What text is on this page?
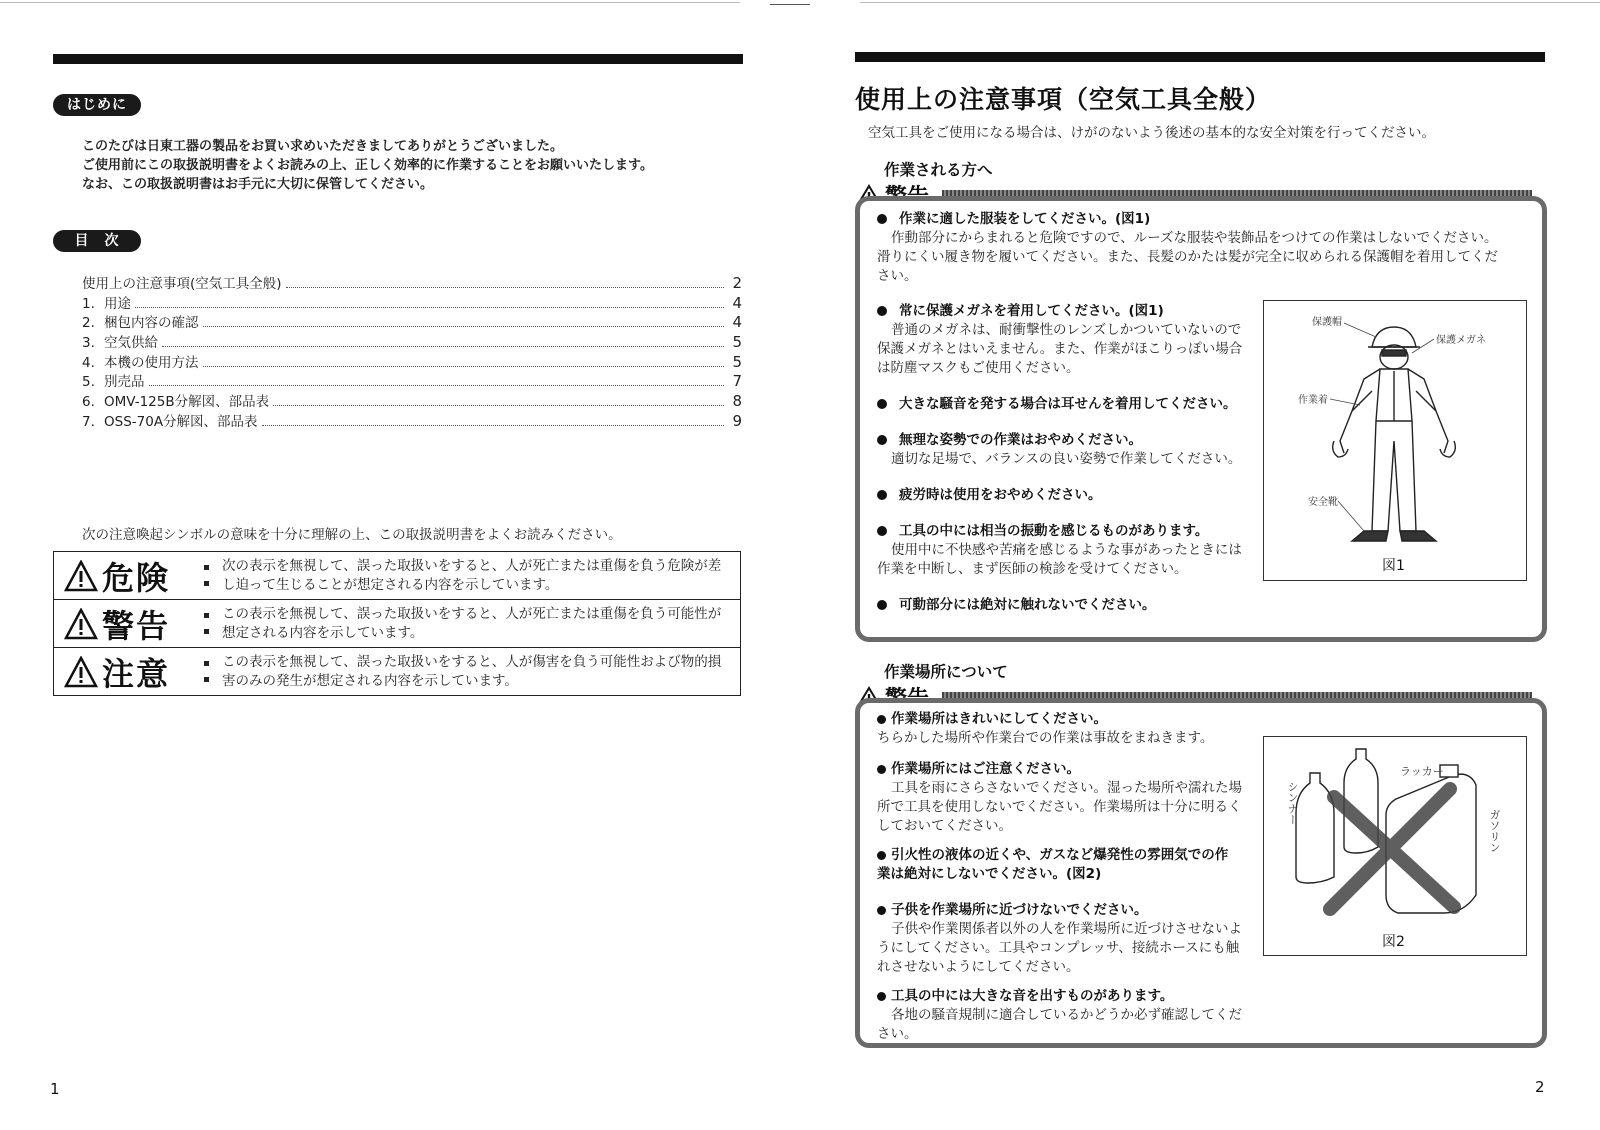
はじめに

このたびは日東工器の製品をお買い求めいただきましてありがとうございました。

ご使用前にこの取扱説明書をよくお読みの上、正しく効率的に作業することをお願いいたします。

なお、この取扱説明書はお手元に大切に保管してください。

目　次
使用上の注意事項(空気工具全般)	2
1. 用途	4
2. 梱包内容の確認	4
3. 空気供給	5
4. 本機の使用方法	5
5. 別売品	7
6. OMV-125B分解図、部品表	8
7. OSS-70A分解図、部品表	9
次の注意喚起シンボルの意味を十分に理解の上、この取扱説明書をよくお読みください。
危険	次の表示を無視して、誤った取扱いをすると、人が死亡または重傷を負う危険が差
し迫って生じることが想定される内容を示しています。
警告	この表示を無視して、誤った取扱いをすると、人が死亡または重傷を負う可能性が
想定される内容を示しています。
注意	この表示を無視して、誤った取扱いをすると、人が傷害を負う可能性および物的損
害のみの発生が想定される内容を示しています。
1
使用上の注意事項（空気工具全般）
空気工具をご使用になる場合は、けがのないよう後述の基本的な安全対策を行ってください。
作業される方へ

作業に適した服装をしてください。(図1)

作動部分にからまれると危険ですので、ルーズな服装や装飾品をつけての作業はしないでください。

滑りにくい履き物を履いてください。また、長髪のかたは髪が完全に収められる保護帽を着用してくだ

さい。

常に保護メガネを着用してください。(図1)

普通のメガネは、耐衝撃性のレンズしかついていないので

保護メガネとはいえません。また、作業がほこりっぽい場合

は防塵マスクもご使用ください。

大きな騒音を発する場合は耳せんを着用してください。

無理な姿勢での作業はおやめください。

適切な足場で、バランスの良い姿勢で作業してください。

疲労時は使用をおやめください。

工具の中には相当の振動を感じるものがあります。

使用中に不快感や苦痛を感じるような事があったときには

作業を中断し、まず医師の検診を受けてください。

可動部分には絶対に触れないでください。

保護帽
保護メガネ
作業着
安全靴
図1
作業場所について

作業場所はきれいにしてください。

ちらかした場所や作業台での作業は事故をまねきます。

作業場所にはご注意ください。

工具を雨にさらさないでください。湿った場所や濡れた場

所で工具を使用しないでください。作業場所は十分に明るく

しておいてください。

引火性の液体の近くや、ガスなど爆発性の雰囲気での作

業は絶対にしないでください。(図2)

子供を作業場所に近づけないでください。

子供や作業関係者以外の人を作業場所に近づけさせないよ

うにしてください。工具やコンプレッサ、接続ホースにも触

れさせないようにしてください。

工具の中には大きな音を出すものがあります。

各地の騒音規制に適合しているかどうか必ず確認してくだ

さい。

シンナー
ラッカー
ガソリン
図2
2
